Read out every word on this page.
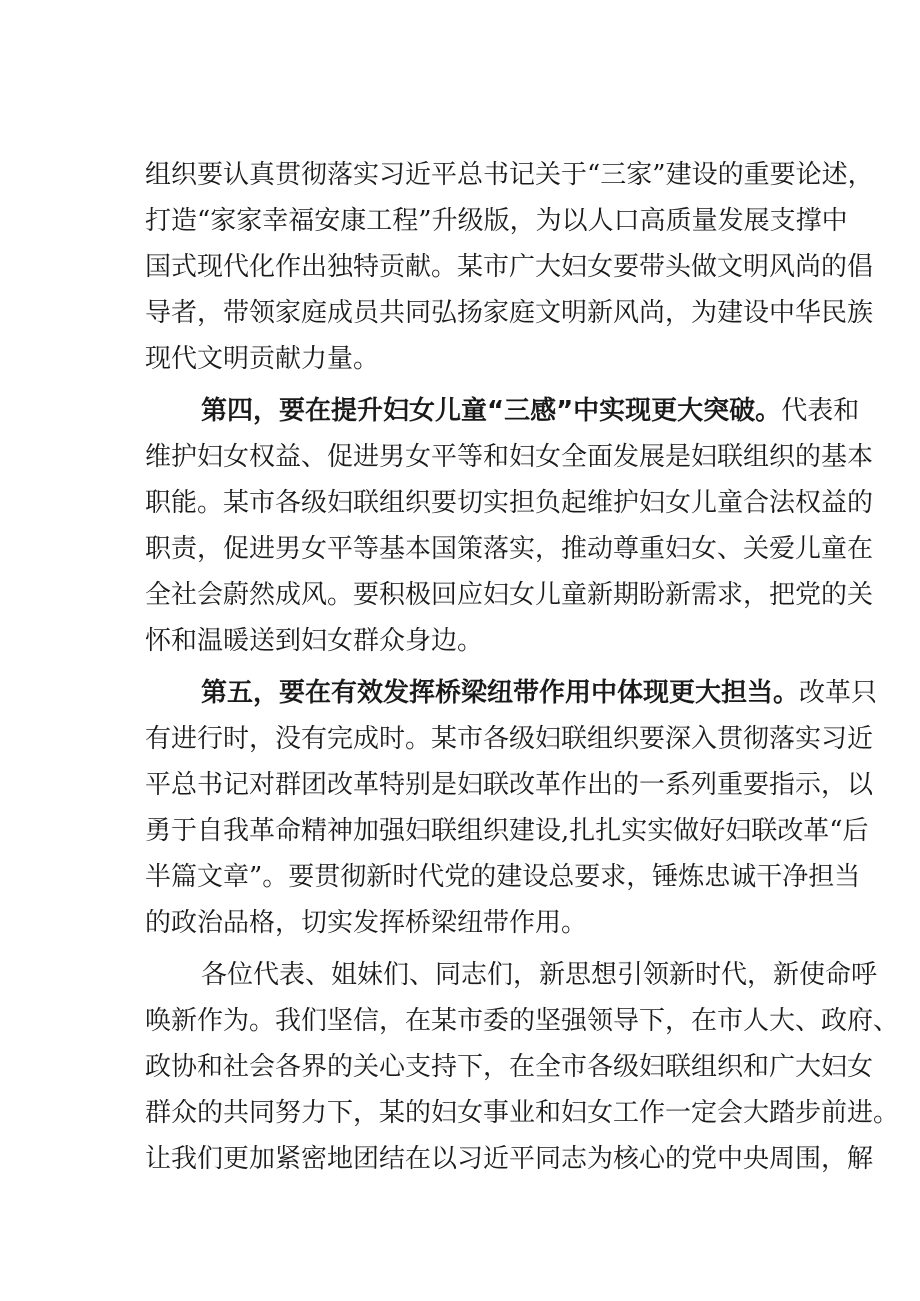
组织要认真贯彻落实习近平总书记关于“三家”建设的重要论述，
打造“家家幸福安康工程”升级版，为以人口高质量发展支撑中
国式现代化作出独特贡献。某市广大妇女要带头做文明风尚的倡
导者，带领家庭成员共同弘扬家庭文明新风尚，为建设中华民族
现代文明贡献力量。
第四，要在提升妇女儿童“三感”中实现更大突破。代表和
维护妇女权益、促进男女平等和妇女全面发展是妇联组织的基本
职能。某市各级妇联组织要切实担负起维护妇女儿童合法权益的
职责，促进男女平等基本国策落实，推动尊重妇女、关爱儿童在
全社会蔚然成风。要积极回应妇女儿童新期盼新需求，把党的关
怀和温暖送到妇女群众身边。
第五，要在有效发挥桥梁纽带作用中体现更大担当。改革只
有进行时，没有完成时。某市各级妇联组织要深入贯彻落实习近
平总书记对群团改革特别是妇联改革作出的一系列重要指示，以
勇于自我革命精神加强妇联组织建设,扎扎实实做好妇联改革“后
半篇文章”。要贯彻新时代党的建设总要求，锤炼忠诚干净担当
的政治品格，切实发挥桥梁纽带作用。
各位代表、姐妹们、同志们，新思想引领新时代，新使命呼
唤新作为。我们坚信，在某市委的坚强领导下，在市人大、政府、
政协和社会各界的关心支持下，在全市各级妇联组织和广大妇女
群众的共同努力下，某的妇女事业和妇女工作一定会大踏步前进。
让我们更加紧密地团结在以习近平同志为核心的党中央周围，解
